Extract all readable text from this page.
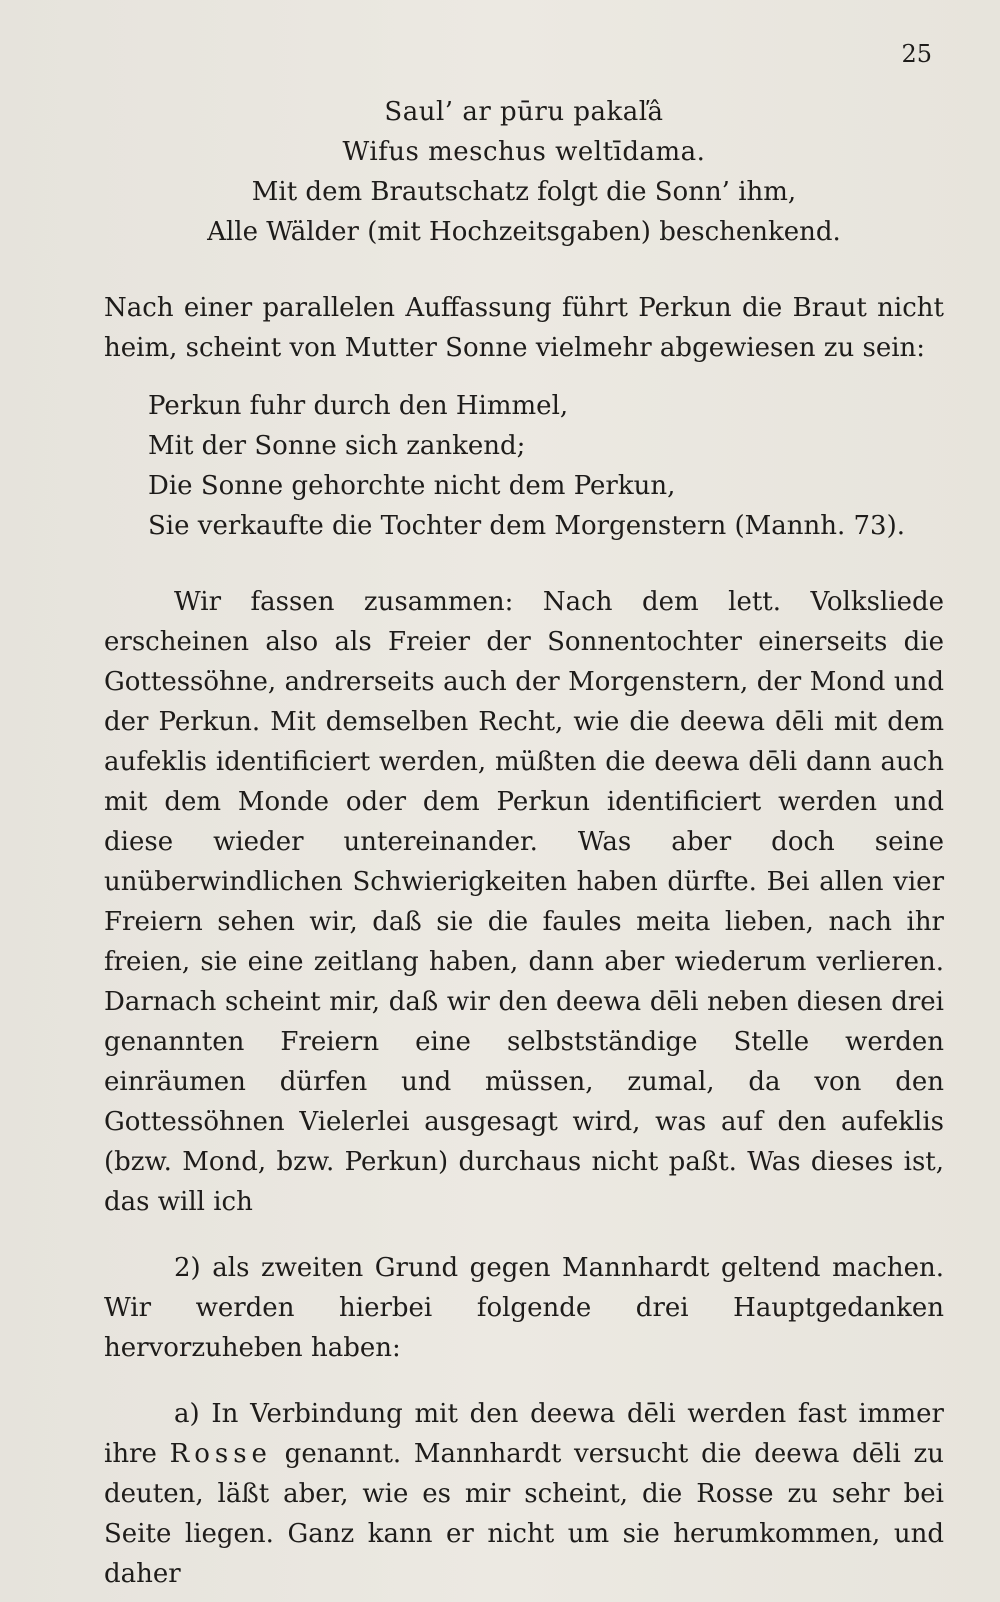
25
Saul’ ar pūru pakaľâ
Wifus meschus weltīdama.
Mit dem Brautschatz folgt die Sonn’ ihm,
Alle Wälder (mit Hochzeitsgaben) beschenkend.

Nach einer parallelen Auffassung führt Perkun die Braut nicht heim, scheint von Mutter Sonne vielmehr abgewiesen zu sein:

Perkun fuhr durch den Himmel,
Mit der Sonne sich zankend;
Die Sonne gehorchte nicht dem Perkun,
Sie verkaufte die Tochter dem Morgenstern (Mannh. 73).

Wir fassen zusammen: Nach dem lett. Volksliede erscheinen also als Freier der Sonnentochter einerseits die Gottessöhne, andrerseits auch der Morgenstern, der Mond und der Perkun. Mit demselben Recht, wie die deewa dēli mit dem aufeklis identificiert werden, müßten die deewa dēli dann auch mit dem Monde oder dem Perkun identificiert werden und diese wieder untereinander. Was aber doch seine unüberwindlichen Schwierigkeiten haben dürfte. Bei allen vier Freiern sehen wir, daß sie die faules meita lieben, nach ihr freien, sie eine zeitlang haben, dann aber wiederum verlieren. Darnach scheint mir, daß wir den deewa dēli neben diesen drei genannten Freiern eine selbstständige Stelle werden einräumen dürfen und müssen, zumal, da von den Gottessöhnen Vielerlei ausgesagt wird, was auf den aufeklis (bzw. Mond, bzw. Perkun) durchaus nicht paßt. Was dieses ist, das will ich

2) als zweiten Grund gegen Mannhardt geltend machen. Wir werden hierbei folgende drei Hauptgedanken hervorzuheben haben:

a) In Verbindung mit den deewa dēli werden fast immer ihre Rosse genannt. Mannhardt versucht die deewa dēli zu deuten, läßt aber, wie es mir scheint, die Rosse zu sehr bei Seite liegen. Ganz kann er nicht um sie herumkommen, und daher
